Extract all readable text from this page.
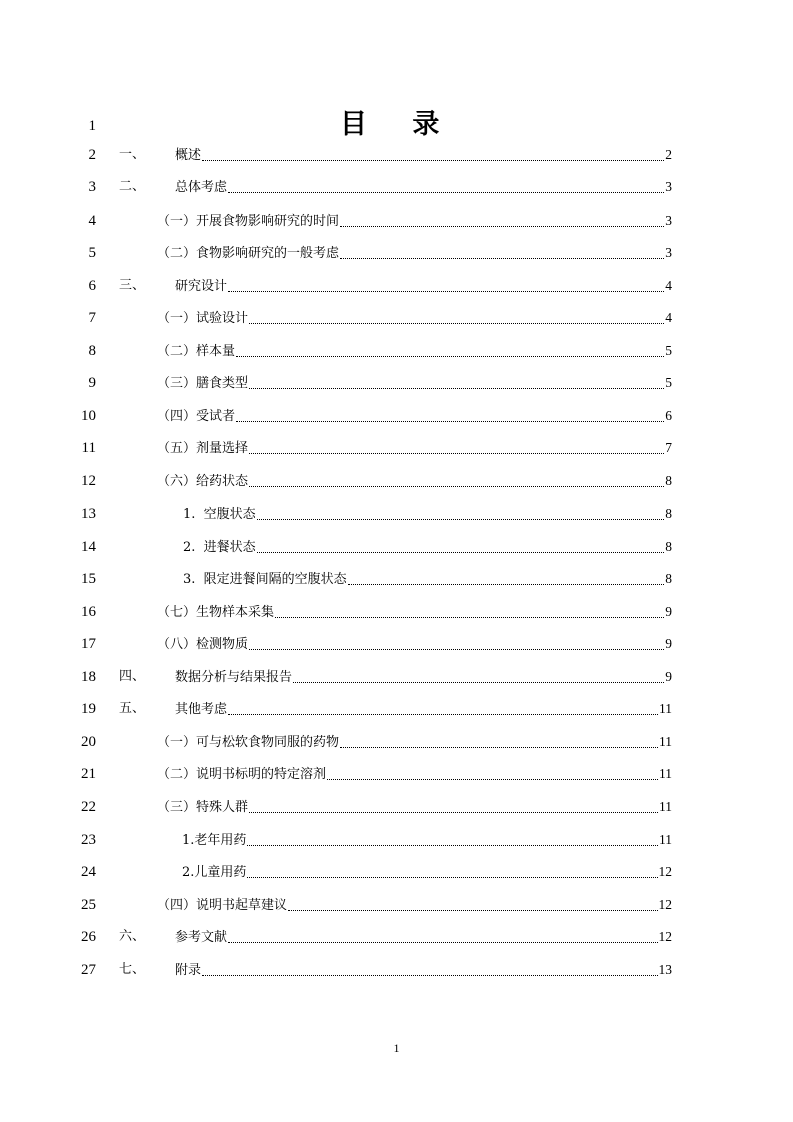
1	目 录
2 一、 概述	2
3 二、 总体考虑	3
4	（一）开展食物影响研究的时间	3
5	（二）食物影响研究的一般考虑	3
6 三、 研究设计	4
7	（一）试验设计	4
8	（二）样本量	5
9	（三）膳食类型	5
10	（四）受试者	6
11	（五）剂量选择	7
12	（六）给药状态	8
13	1.  空腹状态	8
14	2.  进餐状态	8
15	3.  限定进餐间隔的空腹状态	8
16	（七）生物样本采集	9
17	（八）检测物质	9
18 四、 数据分析与结果报告	9
19 五、 其他考虑	11
20	（一）可与松软食物同服的药物	11
21	（二）说明书标明的特定溶剂	11
22	（三）特殊人群	11
23	1.老年用药	11
24	2.儿童用药	12
25	（四）说明书起草建议	12
26 六、 参考文献	12
27 七、 附录	13
1
